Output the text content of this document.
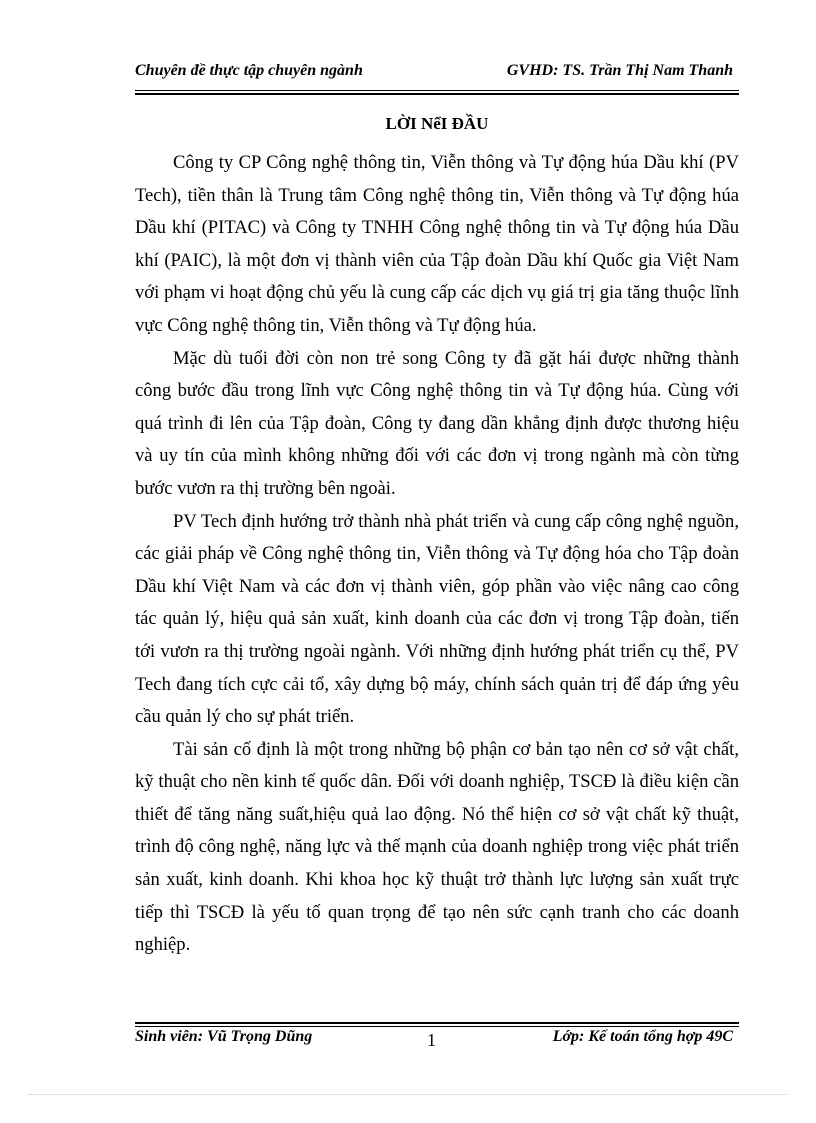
Chuyên đề thực tập chuyên ngành	GVHD: TS. Trần Thị Nam Thanh
LỜI NểI ĐẦU

Công ty CP Công nghệ thông tin, Viễn thông và Tự động húa Dầu khí (PV Tech), tiền thân là Trung tâm Công nghệ thông tin, Viễn thông và Tự động húa Dầu khí (PITAC) và Công ty TNHH Công nghệ thông tin và Tự động húa Dầu khí (PAIC), là một đơn vị thành viên của Tập đoàn Dầu khí Quốc gia Việt Nam với phạm vi hoạt động chủ yếu là cung cấp các dịch vụ giá trị gia tăng thuộc lĩnh vực Công nghệ thông tin, Viễn thông và Tự động húa.

Mặc dù tuổi đời còn non trẻ song Công ty đã gặt hái được những thành công bước đầu trong lĩnh vực Công nghệ thông tin và Tự động húa. Cùng với quá trình đi lên của Tập đoàn, Công ty đang dần khẳng định được thương hiệu và uy tín của mình không những đối với các đơn vị trong ngành mà còn từng bước vươn ra thị trường bên ngoài.

PV Tech định hướng trở thành nhà phát triển và cung cấp công nghệ nguồn, các giải pháp về Công nghệ thông tin, Viễn thông và Tự động hóa cho Tập đoàn Dầu khí Việt Nam và các đơn vị thành viên, góp phần vào việc nâng cao công tác quản lý, hiệu quả sản xuất, kinh doanh của các đơn vị trong Tập đoàn, tiến tới vươn ra thị trường ngoài ngành. Với những định hướng phát triển cụ thể, PV Tech đang tích cực cải tổ, xây dựng bộ máy, chính sách quản trị để đáp ứng yêu cầu quản lý cho sự phát triển.

Tài sản cố định là một trong những bộ phận cơ bản tạo nên cơ sở vật chất, kỹ thuật cho nền kinh tế quốc dân. Đối với doanh nghiệp, TSCĐ là điều kiện cần thiết để tăng năng suất,hiệu quả lao động. Nó thể hiện cơ sở vật chất kỹ thuật, trình độ công nghệ, năng lực và thế mạnh của doanh nghiệp trong việc phát triển sản xuất, kinh doanh. Khi khoa học kỹ thuật trở thành lực lượng sản xuất trực tiếp thì TSCĐ là yếu tố quan trọng để tạo nên sức cạnh tranh cho các doanh nghiệp.

Sinh viên: Vũ Trọng Dũng	1	Lớp: Kế toán tổng hợp 49C
